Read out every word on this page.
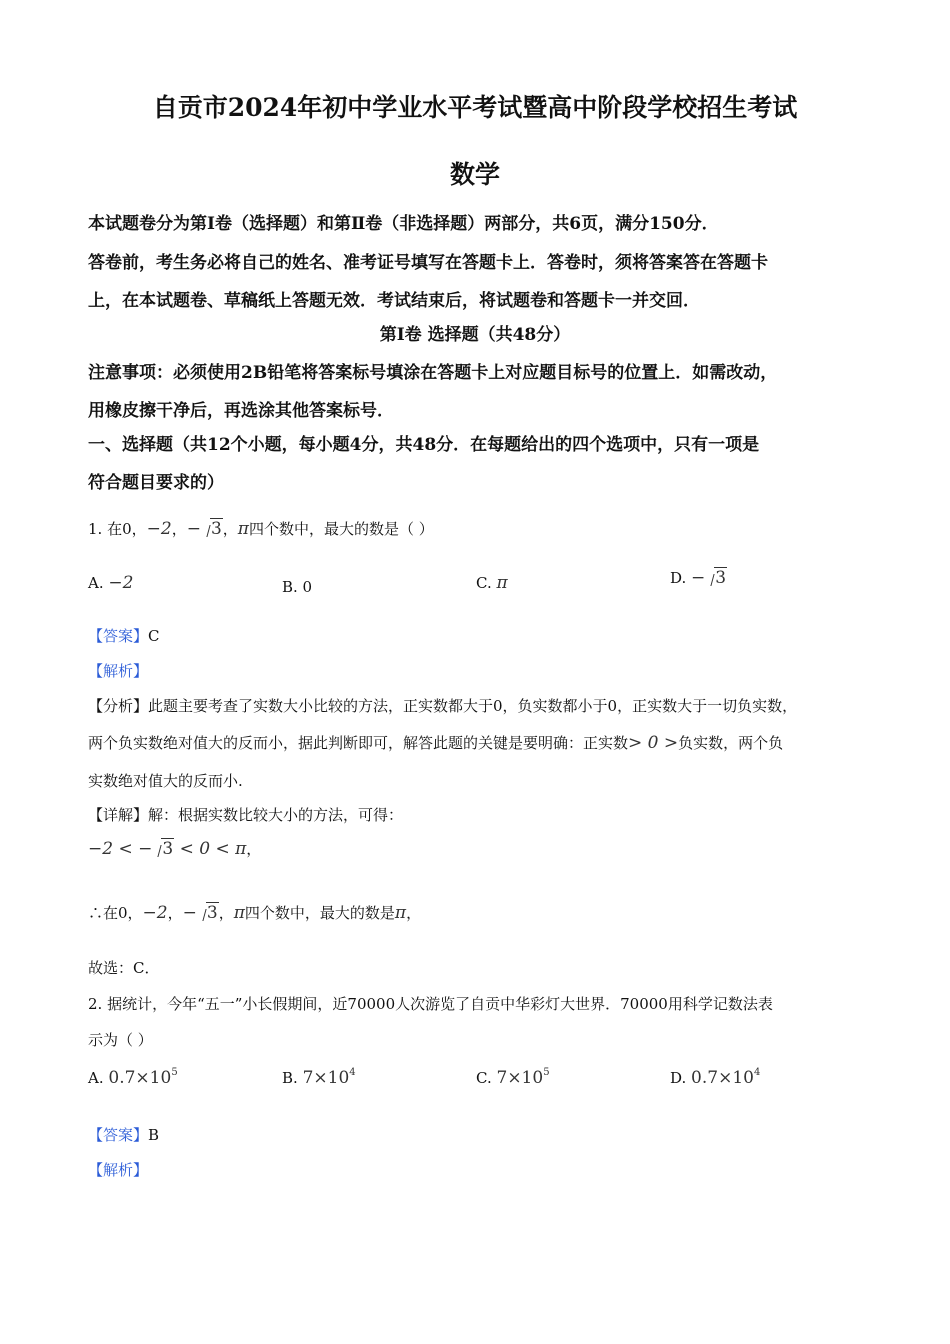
自贡市2024年初中学业水平考试暨高中阶段学校招生考试
数学
本试题卷分为第Ⅰ卷（选择题）和第Ⅱ卷（非选择题）两部分，共6页，满分150分．
答卷前，考生务必将自己的姓名、准考证号填写在答题卡上．答卷时，须将答案答在答题卡
上，在本试题卷、草稿纸上答题无效．考试结束后，将试题卷和答题卡一并交回．
第Ⅰ卷 选择题（共48分）
注意事项：必须使用2B铅笔将答案标号填涂在答题卡上对应题目标号的位置上．如需改动，
用橡皮擦干净后，再选涂其他答案标号．
一、选择题（共12个小题，每小题4分，共48分．在每题给出的四个选项中，只有一项是
符合题目要求的）
1. 在0，−2，− 3，π四个数中，最大的数是（ ）
A. −2	B. 0	C. π	D. − 3
【答案】C
【解析】
【分析】此题主要考查了实数大小比较的方法，正实数都大于0，负实数都小于0，正实数大于一切负实数，
两个负实数绝对值大的反而小，据此判断即可，解答此题的关键是要明确：正实数> 0 >负实数，两个负
实数绝对值大的反而小.
【详解】解：根据实数比较大小的方法，可得：
−2 < − 3 < 0 < π，
∴在0，−2，− 3，π四个数中，最大的数是π，
故选：C．
2. 据统计，今年“五一”小长假期间，近70000人次游览了自贡中华彩灯大世界．70000用科学记数法表
示为（ ）
A. $0.7\times 10^5$	B. $7\times 10^4$	C. $7\times 10^5$	D. $0.7\times 10^4$
【答案】B
【解析】
